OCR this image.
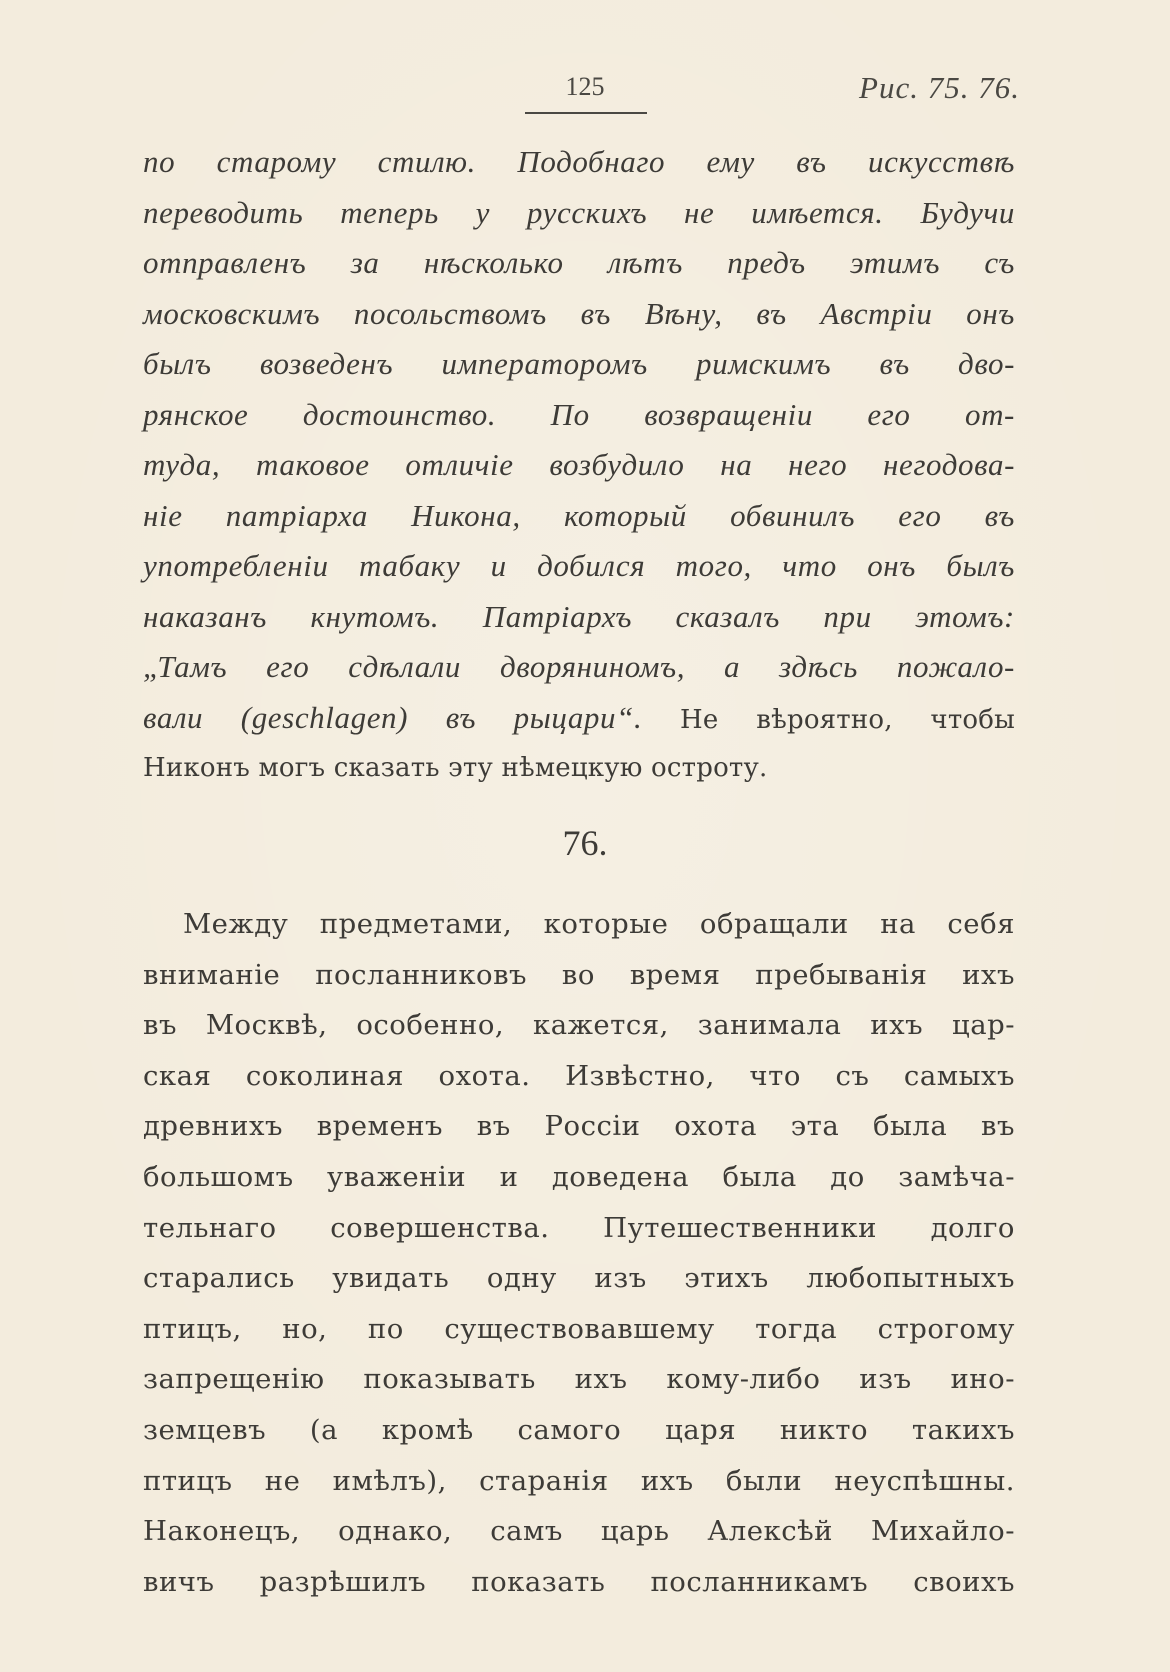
125	Рис. 75. 76.
по старому стилю. Подобнаго ему въ искусствѣ
переводить теперь у русскихъ не имѣется. Будучи
отправленъ за нѣсколько лѣтъ предъ этимъ съ
московскимъ посольствомъ въ Вѣну, въ Австріи онъ
былъ возведенъ императоромъ римскимъ въ дво-
рянское достоинство. По возвращеніи его от-
туда, таковое отличіе возбудило на него негодова-
ніе патріарха Никона, который обвинилъ его въ
употребленіи табаку и добился того, что онъ былъ
наказанъ кнутомъ. Патріархъ сказалъ при этомъ:
„Тамъ его сдѣлали дворяниномъ, а здѣсь пожало-
вали (geschlagen) въ рыцари“. Не вѣроятно, чтобы
Никонъ могъ сказать эту нѣмецкую остроту.
76.
Между предметами, которые обращали на себя
вниманіе посланниковъ во время пребыванія ихъ
въ Москвѣ, особенно, кажется, занимала ихъ цар-
ская соколиная охота. Извѣстно, что съ самыхъ
древнихъ временъ въ Россіи охота эта была въ
большомъ уваженіи и доведена была до замѣча-
тельнаго совершенства. Путешественники долго
старались увидать одну изъ этихъ любопытныхъ
птицъ, но, по существовавшему тогда строгому
запрещенію показывать ихъ кому-либо изъ ино-
земцевъ (а кромѣ самого царя никто такихъ
птицъ не имѣлъ), старанія ихъ были неуспѣшны.
Наконецъ, однако, самъ царь Алексѣй Михайло-
вичъ разрѣшилъ показать посланникамъ своихъ
